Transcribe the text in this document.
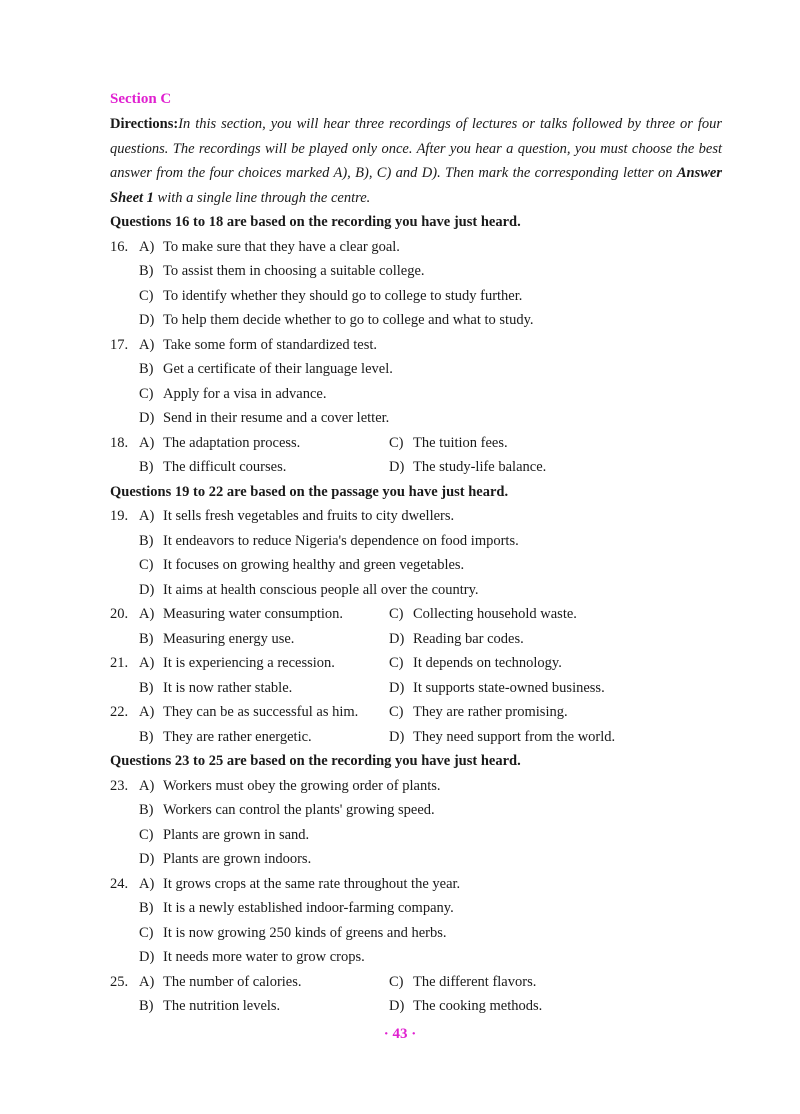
Section C

Directions:In this section, you will hear three recordings of lectures or talks followed by three or four questions. The recordings will be played only once. After you hear a question, you must choose the best answer from the four choices marked A), B), C) and D). Then mark the corresponding letter on Answer Sheet 1 with a single line through the centre.

Questions 16 to 18 are based on the recording you have just heard.

16. A) To make sure that they have a clear goal.
B) To assist them in choosing a suitable college.
C) To identify whether they should go to college to study further.
D) To help them decide whether to go to college and what to study.
17. A) Take some form of standardized test.
B) Get a certificate of their language level.
C) Apply for a visa in advance.
D) Send in their resume and a cover letter.
18. A) The adaptation process.	C) The tuition fees.
B) The difficult courses.	D) The study-life balance.

Questions 19 to 22 are based on the passage you have just heard.

19. A) It sells fresh vegetables and fruits to city dwellers.
B) It endeavors to reduce Nigeria's dependence on food imports.
C) It focuses on growing healthy and green vegetables.
D) It aims at health conscious people all over the country.
20. A) Measuring water consumption.	C) Collecting household waste.
B) Measuring energy use.	D) Reading bar codes.
21. A) It is experiencing a recession.	C) It depends on technology.
B) It is now rather stable.	D) It supports state-owned business.
22. A) They can be as successful as him.	C) They are rather promising.
B) They are rather energetic.	D) They need support from the world.

Questions 23 to 25 are based on the recording you have just heard.

23. A) Workers must obey the growing order of plants.
B) Workers can control the plants' growing speed.
C) Plants are grown in sand.
D) Plants are grown indoors.
24. A) It grows crops at the same rate throughout the year.
B) It is a newly established indoor-farming company.
C) It is now growing 250 kinds of greens and herbs.
D) It needs more water to grow crops.
25. A) The number of calories.	C) The different flavors.
B) The nutrition levels.	D) The cooking methods.
· 43 ·
